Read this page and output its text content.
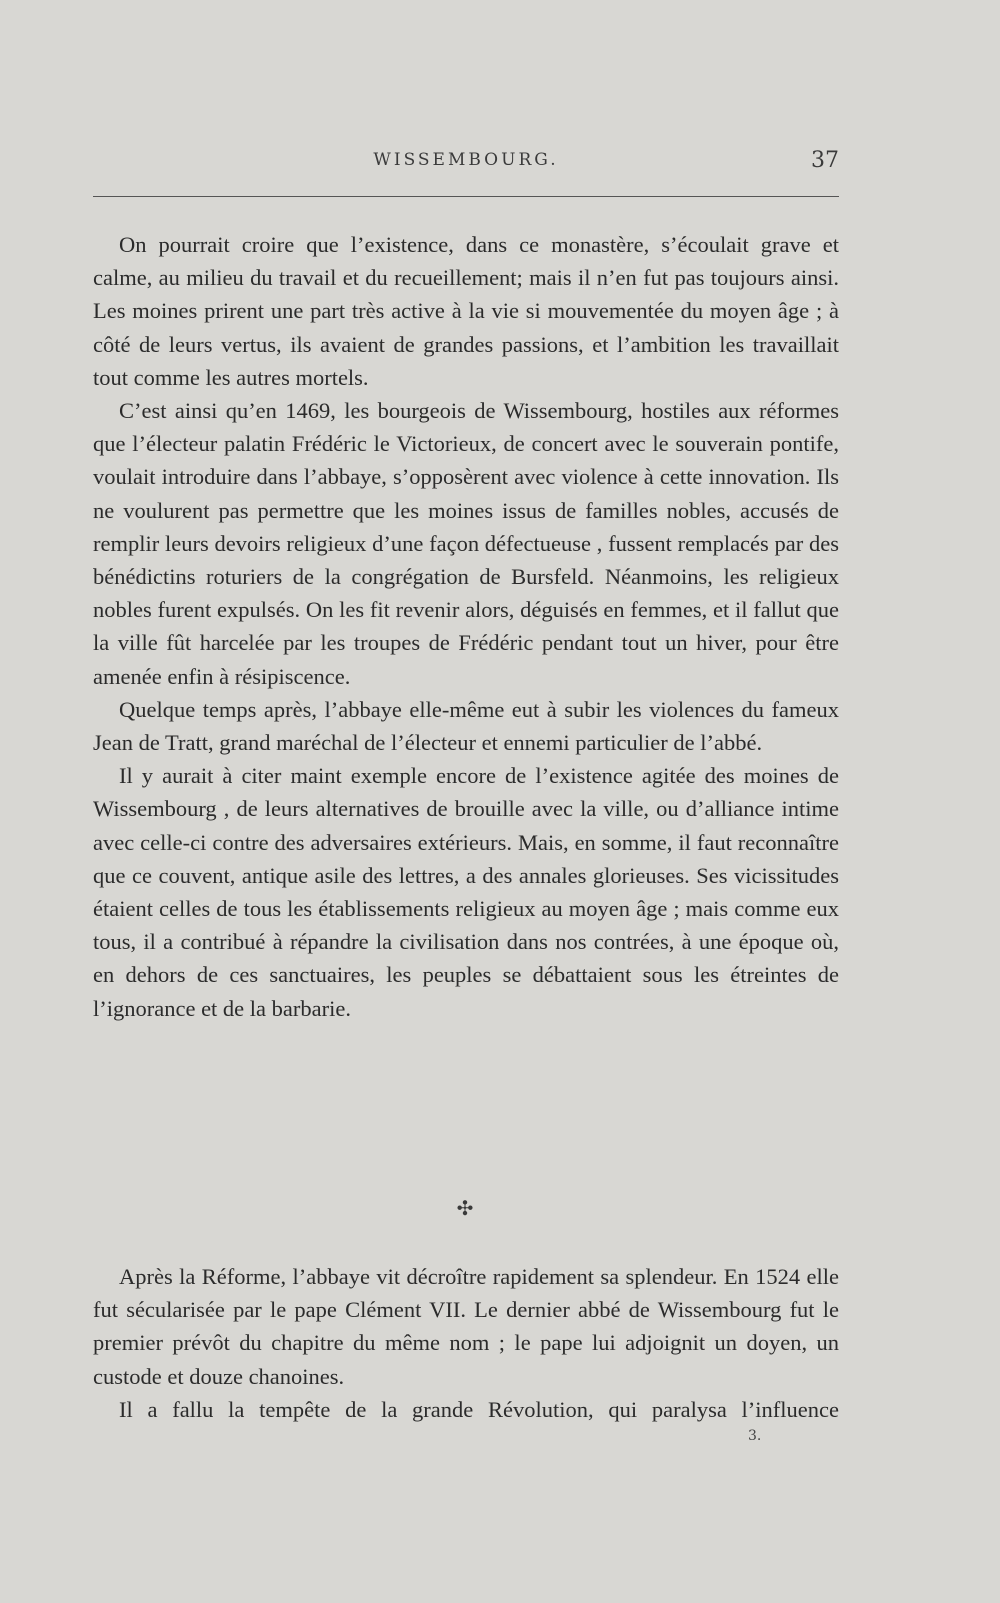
WISSEMBOURG.	37

On pourrait croire que l’existence, dans ce monastère, s’écoulait grave et calme, au milieu du travail et du recueillement; mais il n’en fut pas toujours ainsi. Les moines prirent une part très active à la vie si mouvementée du moyen âge ; à côté de leurs vertus, ils avaient de grandes passions, et l’ambition les travaillait tout comme les autres mortels.

C’est ainsi qu’en 1469, les bourgeois de Wissembourg, hostiles aux réformes que l’électeur palatin Frédéric le Victorieux, de concert avec le souverain pontife, voulait introduire dans l’abbaye, s’opposèrent avec violence à cette innovation. Ils ne voulurent pas permettre que les moines issus de familles nobles, accusés de remplir leurs devoirs religieux d’une façon défectueuse , fussent remplacés par des bénédictins roturiers de la congrégation de Bursfeld. Néanmoins, les religieux nobles furent expulsés. On les fit revenir alors, déguisés en femmes, et il fallut que la ville fût harcelée par les troupes de Frédéric pendant tout un hiver, pour être amenée enfin à résipiscence.

Quelque temps après, l’abbaye elle-même eut à subir les violences du fameux Jean de Tratt, grand maréchal de l’électeur et ennemi particulier de l’abbé.

Il y aurait à citer maint exemple encore de l’existence agitée des moines de Wissembourg , de leurs alternatives de brouille avec la ville, ou d’alliance intime avec celle-ci contre des adversaires extérieurs. Mais, en somme, il faut reconnaître que ce couvent, antique asile des lettres, a des annales glorieuses. Ses vicissitudes étaient celles de tous les établissements religieux au moyen âge ; mais comme eux tous, il a contribué à répandre la civilisation dans nos contrées, à une époque où, en dehors de ces sanctuaires, les peuples se débattaient sous les étreintes de l’ignorance et de la barbarie.

✣

Après la Réforme, l’abbaye vit décroître rapidement sa splendeur. En 1524 elle fut sécularisée par le pape Clément VII. Le dernier abbé de Wissembourg fut le premier prévôt du chapitre du même nom ; le pape lui adjoignit un doyen, un custode et douze chanoines.

Il a fallu la tempête de la grande Révolution, qui paralysa l’influence

3.
